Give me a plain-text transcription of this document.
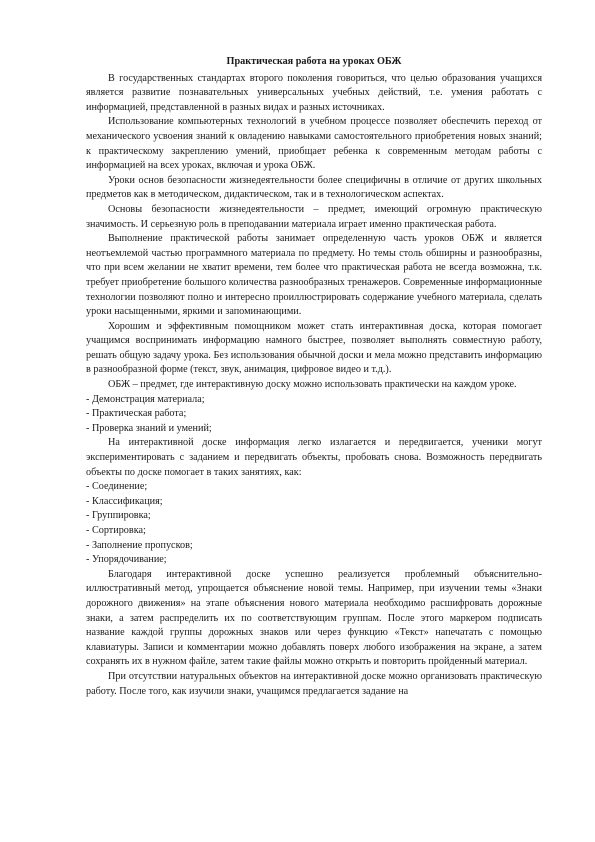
Практическая работа на уроках ОБЖ

В государственных стандартах второго поколения говориться, что целью образования учащихся является развитие познавательных универсальных учебных действий, т.е. умения работать с информацией, представленной в разных видах и разных источниках.

Использование компьютерных технологий в учебном процессе позволяет обеспечить переход от механического усвоения знаний к овладению навыками самостоятельного приобретения новых знаний; к практическому закреплению умений, приобщает ребенка к современным методам работы с информацией на всех уроках, включая и урока ОБЖ.

Уроки основ безопасности жизнедеятельности более специфичны в отличие от других школьных предметов как в методическом, дидактическом, так и в технологическом аспектах.

Основы безопасности жизнедеятельности – предмет, имеющий огромную практическую значимость. И серьезную роль в преподавании материала играет именно практическая работа.

Выполнение практической работы занимает определенную часть уроков ОБЖ и является неотъемлемой частью программного материала по предмету. Но темы столь обширны и разнообразны, что при всем желании не хватит времени, тем более что практическая работа не всегда возможна, т.к. требует приобретение большого количества разнообразных тренажеров. Современные информационные технологии позволяют полно и интересно проиллюстрировать содержание учебного материала, сделать уроки насыщенными, яркими и запоминающими.

Хорошим и эффективным помощником может стать интерактивная доска, которая помогает учащимся воспринимать информацию намного быстрее, позволяет выполнять совместную работу, решать общую задачу урока. Без использования обычной доски и мела можно представить информацию в разнообразной форме (текст, звук, анимация, цифровое видео и т.д.).

ОБЖ – предмет, где интерактивную доску можно использовать практически на каждом уроке.

- Демонстрация материала;
- Практическая работа;
- Проверка знаний и умений;

На интерактивной доске информация легко излагается и передвигается, ученики могут экспериментировать с заданием и передвигать объекты, пробовать снова. Возможность передвигать объекты по доске помогает в таких занятиях, как:

- Соединение;
- Классификация;
- Группировка;
- Сортировка;
- Заполнение пропусков;
- Упорядочивание;

Благодаря интерактивной доске успешно реализуется проблемный объяснительно-иллюстративный метод, упрощается объяснение новой темы. Например, при изучении темы «Знаки дорожного движения» на этапе объяснения нового материала необходимо расшифровать дорожные знаки, а затем распределить их по соответствующим группам. После этого маркером подписать название каждой группы дорожных знаков или через функцию «Текст» напечатать с помощью клавиатуры. Записи и комментарии можно добавлять поверх любого изображения на экране, а затем сохранять их в нужном файле, затем такие файлы можно открыть и повторить пройденный материал.

При отсутствии натуральных объектов на интерактивной доске можно организовать практическую работу. После того, как изучили знаки, учащимся предлагается задание на
